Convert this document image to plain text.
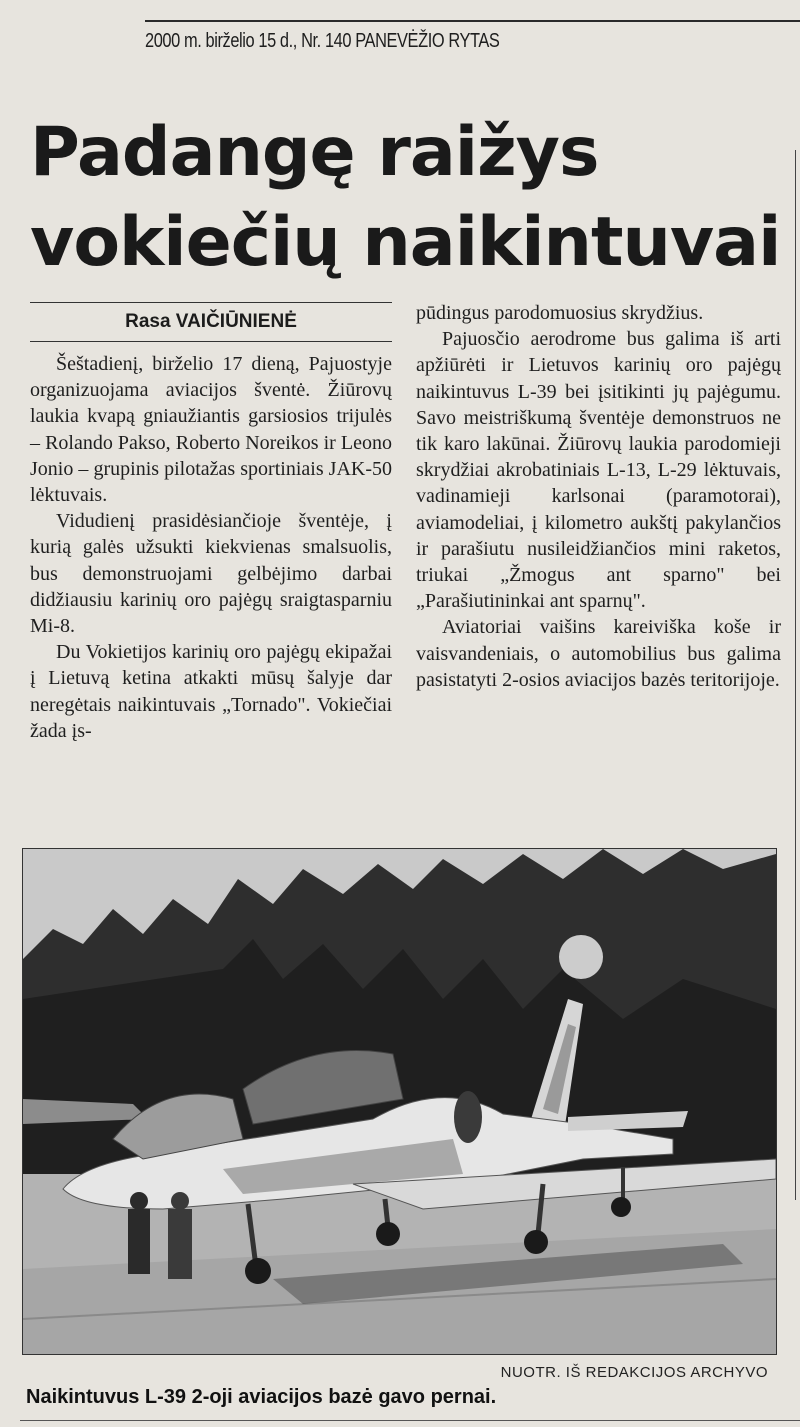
2000 m. birželio 15 d., Nr. 140 PANEVĖŽIO RYTAS
Padangę raižys
vokiečių naikintuvai
Rasa VAIČIŪNIENĖ

Šeštadienį, birželio 17 dieną, Pajuostyje organizuojama aviacijos šventė. Žiūrovų laukia kvapą gniaužiantis garsiosios trijulės – Rolando Pakso, Roberto Noreikos ir Leono Jonio – grupinis pilotažas sportiniais JAK-50 lėktuvais.

Vidudienį prasidėsiančioje šventėje, į kurią galės užsukti kiekvienas smalsuolis, bus demonstruojami gelbėjimo darbai didžiausiu karinių oro pajėgų sraigtasparniu Mi-8.

Du Vokietijos karinių oro pajėgų ekipažai į Lietuvą ketina atkakti mūsų šalyje dar neregėtais naikintuvais „Tornado". Vokiečiai žada įs-

pūdingus parodomuosius skrydžius.

Pajuosčio aerodrome bus galima iš arti apžiūrėti ir Lietuvos karinių oro pajėgų naikintuvus L-39 bei įsitikinti jų pajėgumu. Savo meistriškumą šventėje demonstruos ne tik karo lakūnai. Žiūrovų laukia parodomieji skrydžiai akrobatiniais L-13, L-29 lėktuvais, vadinamieji karlsonai (paramotorai), aviamodeliai, į kilometro aukštį pakylančios ir parašiutu nusileidžiančios mini raketos, triukai „Žmogus ant sparno" bei „Parašiutininkai ant sparnų".

Aviatoriai vaišins kareiviška koše ir vaisvandeniais, o automobilius bus galima pasistatyti 2-osios aviacijos bazės teritorijoje.

NUOTR. IŠ REDAKCIJOS ARCHYVO
Naikintuvus L-39 2-oji aviacijos bazė gavo pernai.
